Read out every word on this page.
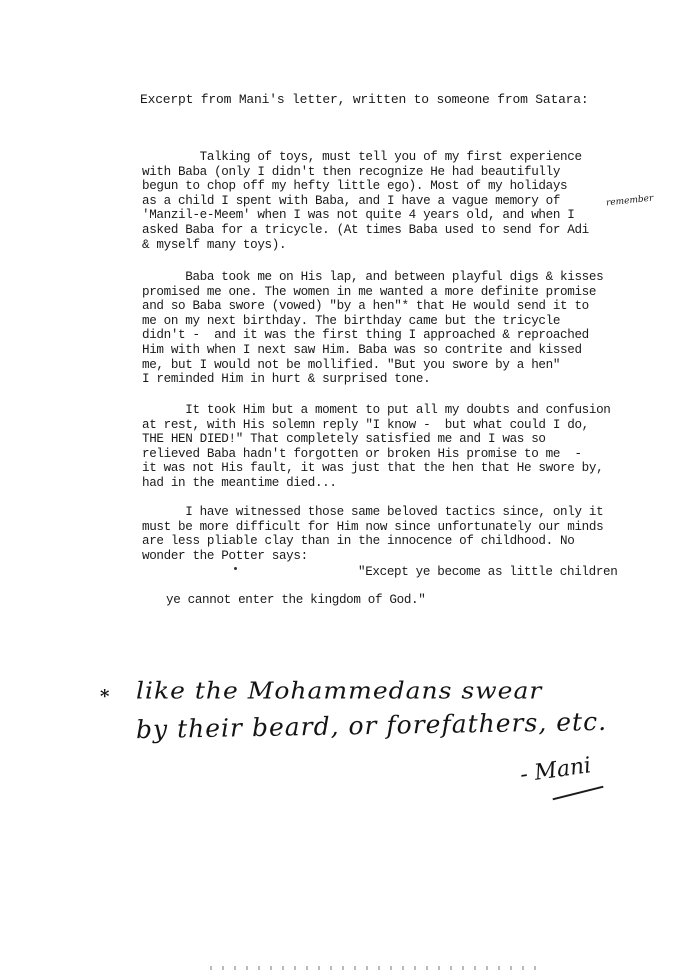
Excerpt from Mani's letter, written to someone from Satara:
remember
Talking of toys, must tell you of my first experience
with Baba (only I didn't then recognize He had beautifully
begun to chop off my hefty little ego). Most of my holidays
as a child I spent with Baba, and I have a vague memory of
'Manzil-e-Meem' when I was not quite 4 years old, and when I
asked Baba for a tricycle. (At times Baba used to send for Adi
& myself many toys).
Baba took me on His lap, and between playful digs & kisses
promised me one. The women in me wanted a more definite promise
and so Baba swore (vowed) "by a hen"* that He would send it to
me on my next birthday. The birthday came but the tricycle
didn't -  and it was the first thing I approached & reproached
Him with when I next saw Him. Baba was so contrite and kissed
me, but I would not be mollified. "But you swore by a hen"
I reminded Him in hurt & surprised tone.
It took Him but a moment to put all my doubts and confusion
at rest, with His solemn reply "I know -  but what could I do,
THE HEN DIED!" That completely satisfied me and I was so
relieved Baba hadn't forgotten or broken His promise to me  -
it was not His fault, it was just that the hen that He swore by,
had in the meantime died...
I have witnessed those same beloved tactics since, only it
must be more difficult for Him now since unfortunately our minds
are less pliable clay than in the innocence of childhood. No
wonder the Potter says:
"Except ye become as little children
ye cannot enter the kingdom of God."
* like the Mohammedans swear
by their beard, or forefathers, etc.
- Mani
